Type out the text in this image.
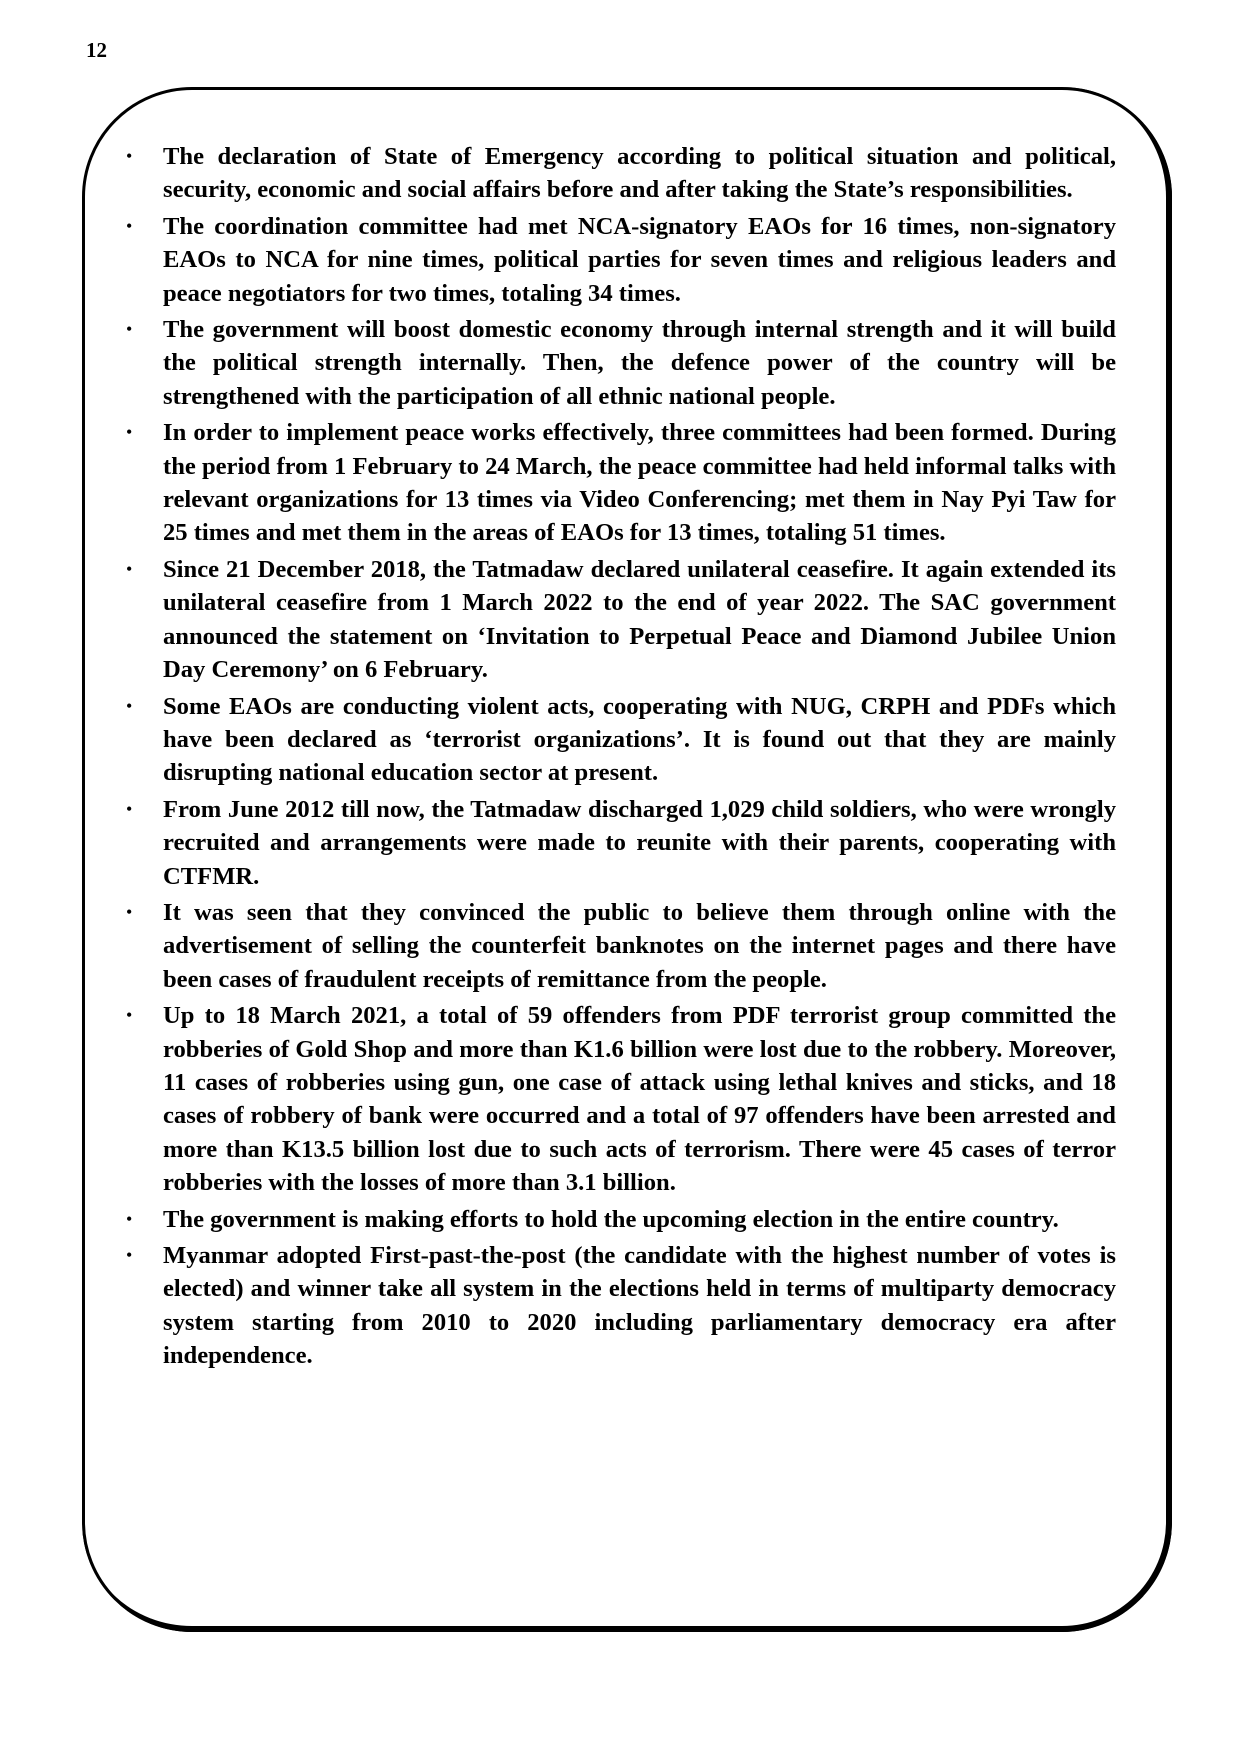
12
• The declaration of State of Emergency according to political situation and political, security, economic and social affairs before and after taking the State’s responsibilities.
• The coordination committee had met NCA-signatory EAOs for 16 times, non-signatory EAOs to NCA for nine times, political parties for seven times and religious leaders and peace negotiators for two times, totaling 34 times.
• The government will boost domestic economy through internal strength and it will build the political strength internally. Then, the defence power of the country will be strengthened with the participation of all ethnic national people.
• In order to implement peace works effectively, three committees had been formed. During the period from 1 February to 24 March, the peace committee had held informal talks with relevant organizations for 13 times via Video Conferencing; met them in Nay Pyi Taw for 25 times and met them in the areas of EAOs for 13 times, totaling 51 times.
• Since 21 December 2018, the Tatmadaw declared unilateral ceasefire. It again extended its unilateral ceasefire from 1 March 2022 to the end of year 2022. The SAC government announced the statement on ‘Invitation to Perpetual Peace and Diamond Jubilee Union Day Ceremony’ on 6 February.
• Some EAOs are conducting violent acts, cooperating with NUG, CRPH and PDFs which have been declared as ‘terrorist organizations’. It is found out that they are mainly disrupting national education sector at present.
• From June 2012 till now, the Tatmadaw discharged 1,029 child soldiers, who were wrongly recruited and arrangements were made to reunite with their parents, cooperating with CTFMR.
• It was seen that they convinced the public to believe them through online with the advertisement of selling the counterfeit banknotes on the internet pages and there have been cases of fraudulent receipts of remittance from the people.
• Up to 18 March 2021, a total of 59 offenders from PDF terrorist group committed the robberies of Gold Shop and more than K1.6 billion were lost due to the robbery. Moreover, 11 cases of robberies using gun, one case of attack using lethal knives and sticks, and 18 cases of robbery of bank were occurred and a total of 97 offenders have been arrested and more than K13.5 billion lost due to such acts of terrorism. There were 45 cases of terror robberies with the losses of more than 3.1 billion.
• The government is making efforts to hold the upcoming election in the entire country.
• Myanmar adopted First-past-the-post (the candidate with the highest number of votes is elected) and winner take all system in the elections held in terms of multiparty democracy system starting from 2010 to 2020 including parliamentary democracy era after independence.
